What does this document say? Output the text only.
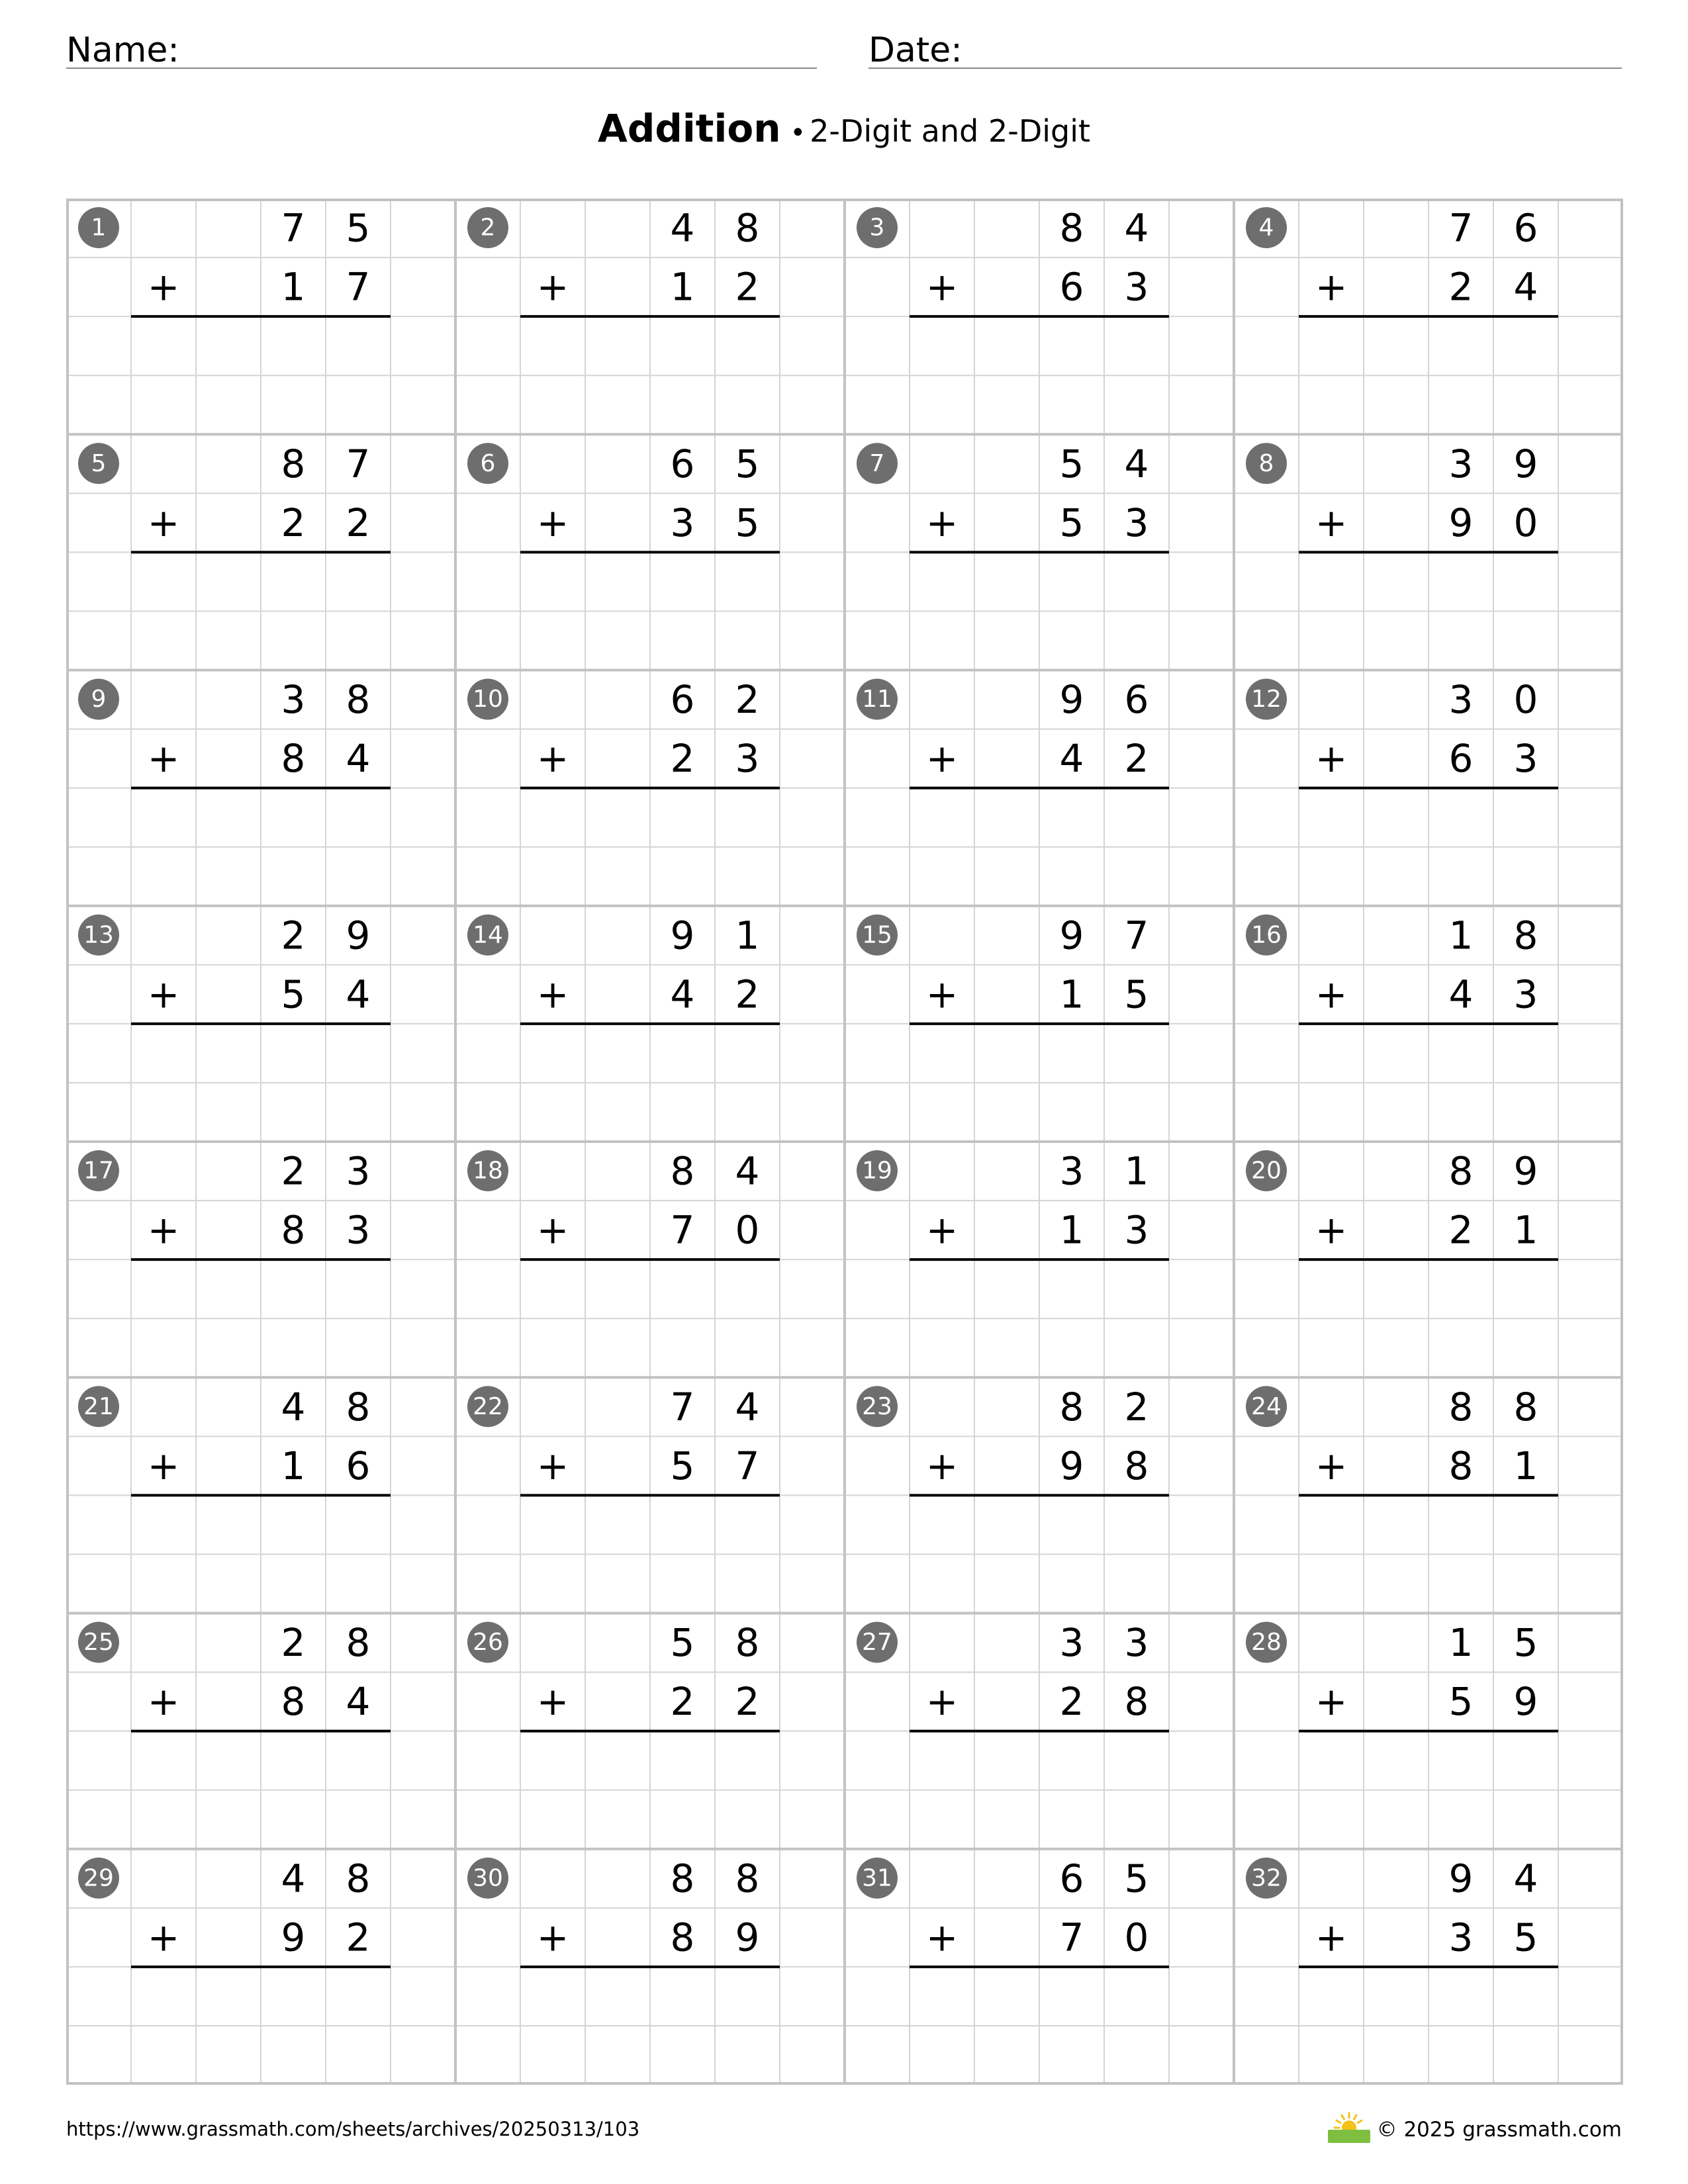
Name:	Date:
Addition • 2-Digit and 2-Digit
1	7 5
+	1 7
2	4 8
+	1 2
3	8 4
+	6 3
4	7 6
+	2 4
5	8 7
+	2 2
6	6 5
+	3 5
7	5 4
+	5 3
8	3 9
+	9 0
9	3 8
+	8 4
10	6 2
+	2 3
11	9 6
+	4 2
12	3 0
+	6 3
13	2 9
+	5 4
14	9 1
+	4 2
15	9 7
+	1 5
16	1 8
+	4 3
17	2 3
+	8 3
18	8 4
+	7 0
19	3 1
+	1 3
20	8 9
+	2 1
21	4 8
+	1 6
22	7 4
+	5 7
23	8 2
+	9 8
24	8 8
+	8 1
25	2 8
+	8 4
26	5 8
+	2 2
27	3 3
+	2 8
28	1 5
+	5 9
29	4 8
+	9 2
30	8 8
+	8 9
31	6 5
+	7 0
32	9 4
+	3 5
https://www.grassmath.com/sheets/archives/20250313/103	© 2025 grassmath.com
